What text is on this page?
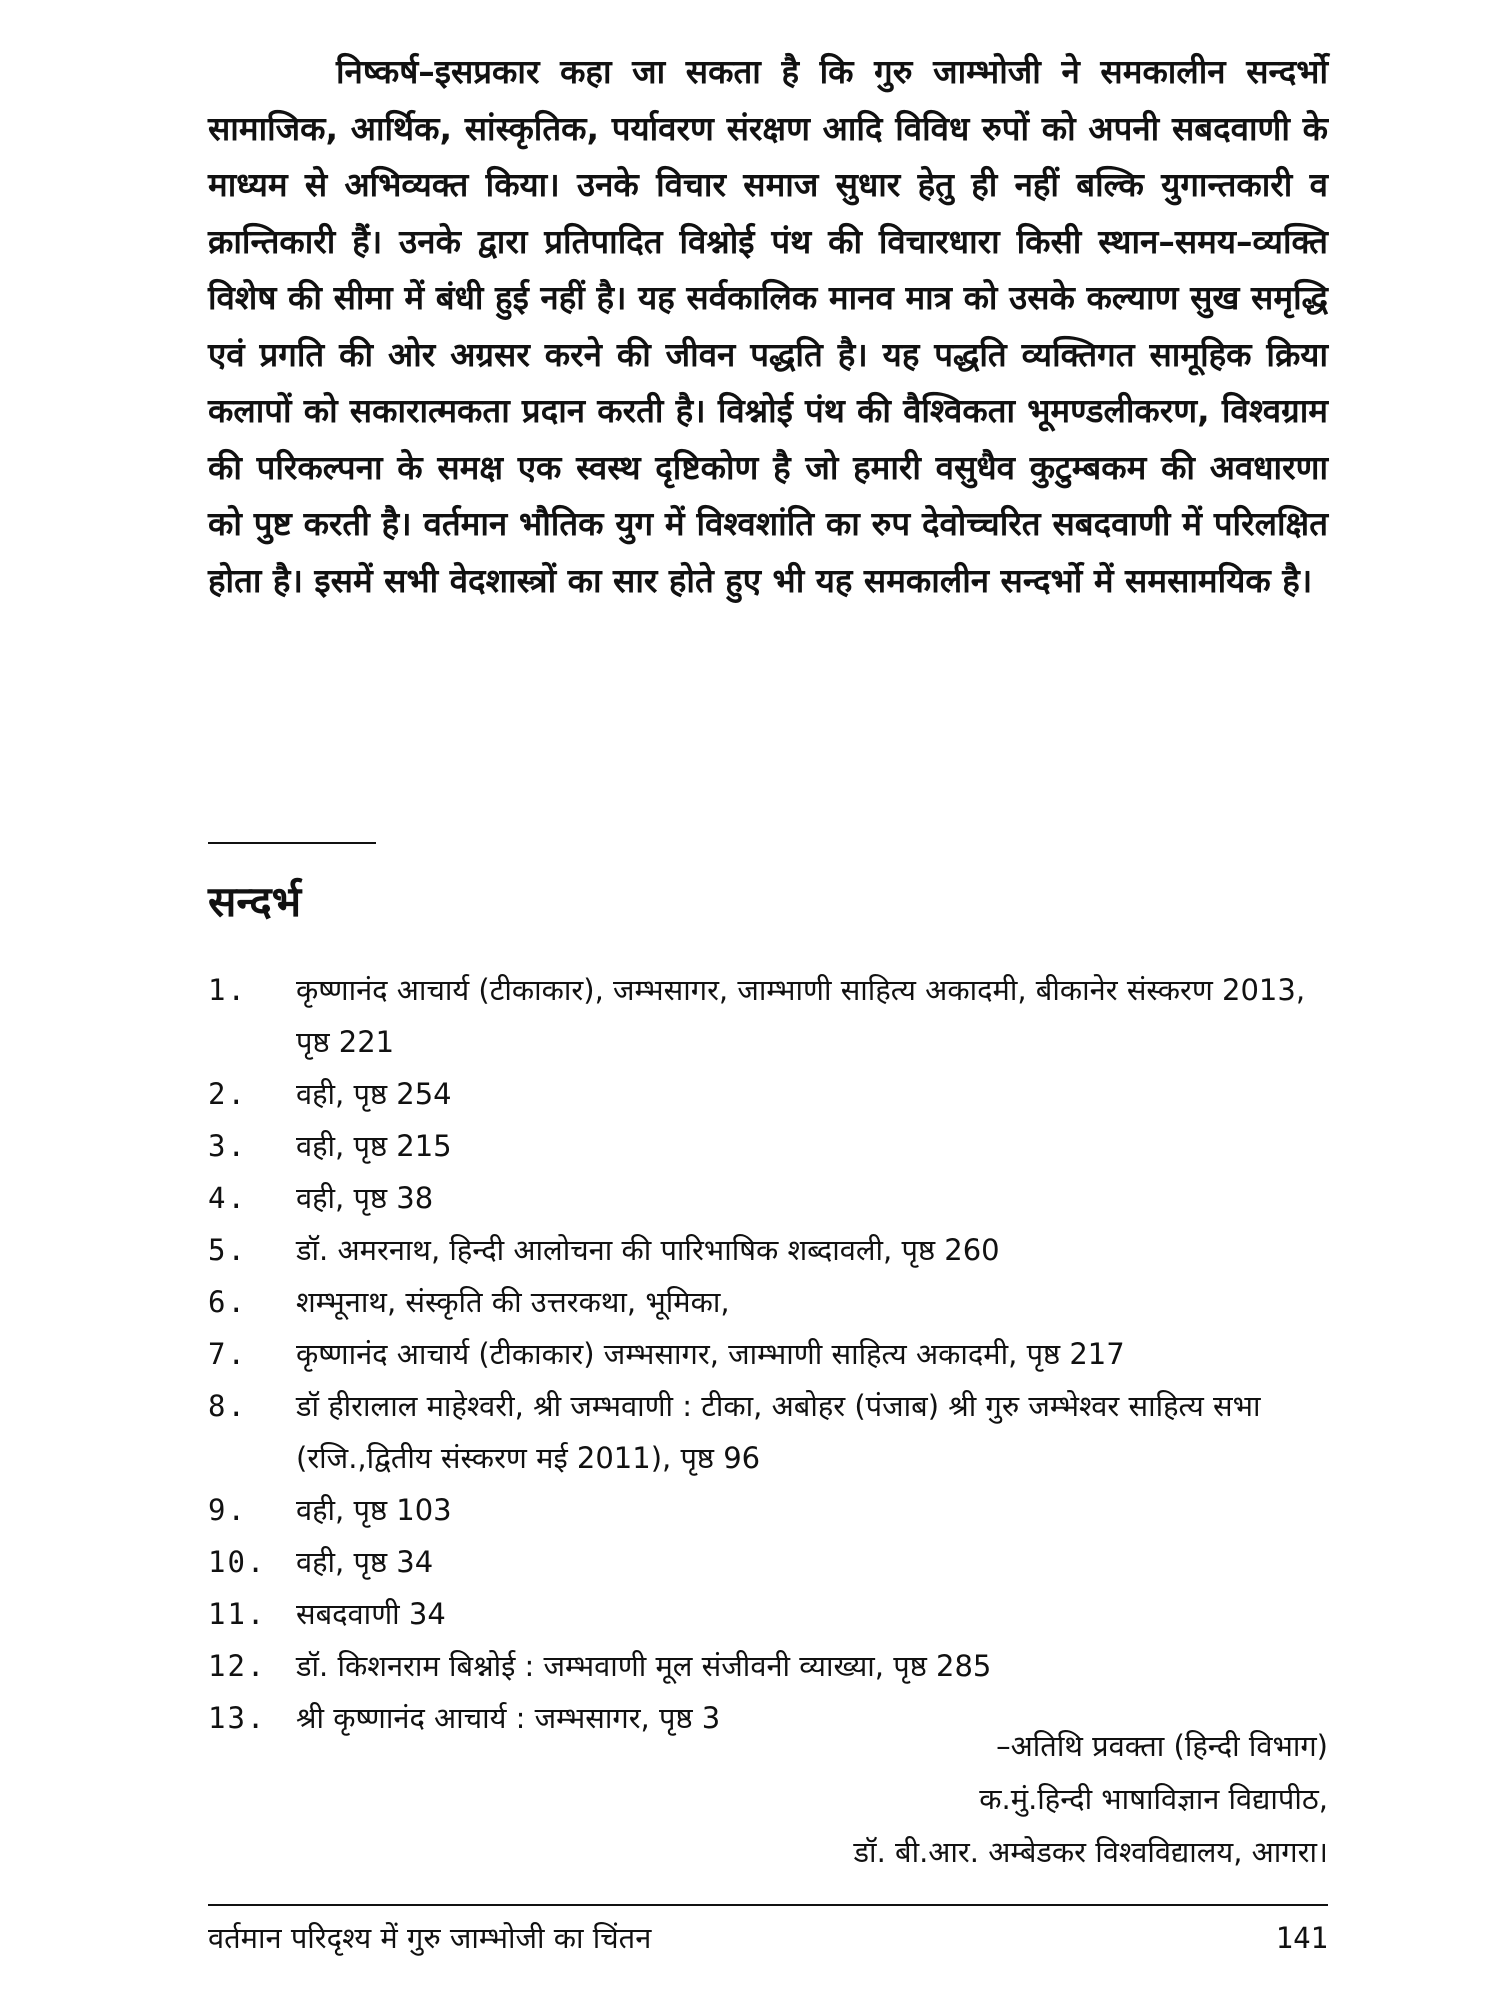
निष्कर्ष–इसप्रकार कहा जा सकता है कि गुरु जाम्भोजी ने समकालीन सन्दर्भो सामाजिक, आर्थिक, सांस्कृतिक, पर्यावरण संरक्षण आदि विविध रुपों को अपनी सबदवाणी के माध्यम से अभिव्यक्त किया। उनके विचार समाज सुधार हेतु ही नहीं बल्कि युगान्तकारी व क्रान्तिकारी हैं। उनके द्वारा प्रतिपादित विश्नोई पंथ की विचारधारा किसी स्थान–समय–व्यक्ति विशेष की सीमा में बंधी हुई नहीं है। यह सर्वकालिक मानव मात्र को उसके कल्याण सुख समृद्धि एवं प्रगति की ओर अग्रसर करने की जीवन पद्धति है। यह पद्धति व्यक्तिगत सामूहिक क्रिया कलापों को सकारात्मकता प्रदान करती है। विश्नोई पंथ की वैश्विकता भूमण्डलीकरण, विश्वग्राम की परिकल्पना के समक्ष एक स्वस्थ दृष्टिकोण है जो हमारी वसुधैव कुटुम्बकम की अवधारणा को पुष्ट करती है। वर्तमान भौतिक युग में विश्वशांति का रुप देवोच्चरित सबदवाणी में परिलक्षित होता है। इसमें सभी वेदशास्त्रों का सार होते हुए भी यह समकालीन सन्दर्भो में समसामयिक है।

सन्दर्भ
1.	कृष्णानंद आचार्य (टीकाकार), जम्भसागर, जाम्भाणी साहित्य अकादमी, बीकानेर संस्करण 2013, पृष्ठ 221
2.	वही, पृष्ठ 254
3.	वही, पृष्ठ 215
4.	वही, पृष्ठ 38
5.	डॉ. अमरनाथ, हिन्दी आलोचना की पारिभाषिक शब्दावली, पृष्ठ 260
6.	शम्भूनाथ, संस्कृति की उत्तरकथा, भूमिका,
7.	कृष्णानंद आचार्य (टीकाकार) जम्भसागर, जाम्भाणी साहित्य अकादमी, पृष्ठ 217
8.	डॉ हीरालाल माहेश्वरी, श्री जम्भवाणी : टीका, अबोहर (पंजाब) श्री गुरु जम्भेश्वर साहित्य सभा (रजि.,द्वितीय संस्करण मई 2011), पृष्ठ 96
9.	वही, पृष्ठ 103
10.	वही, पृष्ठ 34
11.	सबदवाणी 34
12.	डॉ. किशनराम बिश्नोई : जम्भवाणी मूल संजीवनी व्याख्या, पृष्ठ 285
13.	श्री कृष्णानंद आचार्य : जम्भसागर, पृष्ठ 3
–अतिथि प्रवक्ता (हिन्दी विभाग)
क.मुं.हिन्दी भाषाविज्ञान विद्यापीठ,
डॉ. बी.आर. अम्बेडकर विश्वविद्यालय, आगरा।
वर्तमान परिदृश्य में गुरु जाम्भोजी का चिंतन	141
